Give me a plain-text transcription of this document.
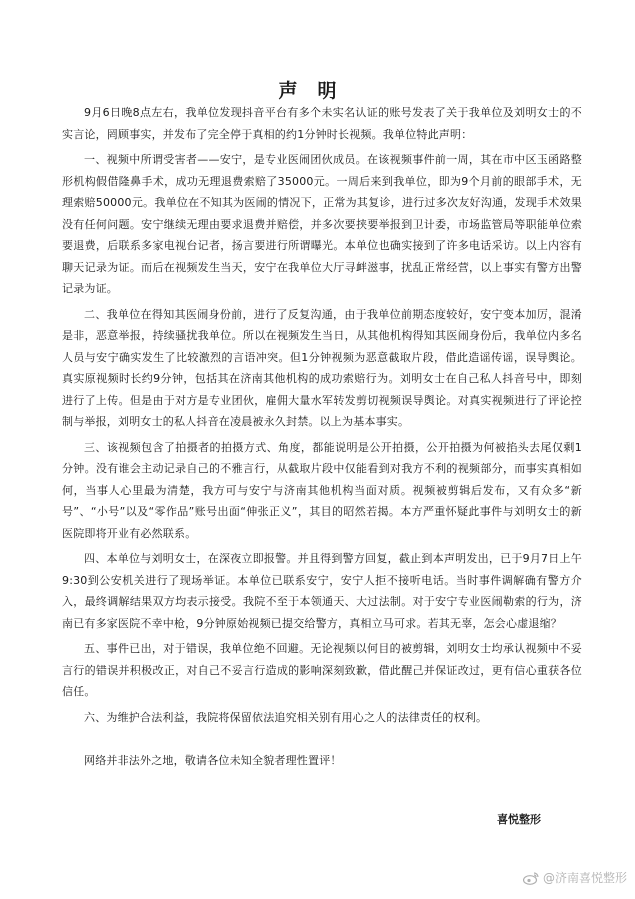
声明

9月6日晚8点左右，我单位发现抖音平台有多个未实名认证的账号发表了关于我单位及刘明女士的不实言论，罔顾事实，并发布了完全停于真相的约1分钟时长视频。我单位特此声明：

一、视频中所谓受害者——安宁，是专业医闹团伙成员。在该视频事件前一周，其在市中区玉函路整形机构假借隆鼻手术，成功无理退费索赔了35000元。一周后来到我单位，即为9个月前的眼部手术，无理索赔50000元。我单位在不知其为医闹的情况下，正常为其复诊，进行过多次友好沟通，发现手术效果没有任何问题。安宁继续无理由要求退费并赔偿，并多次要挟要举报到卫计委，市场监管局等职能单位索要退费，后联系多家电视台记者，扬言要进行所谓曝光。本单位也确实接到了许多电话采访。以上内容有聊天记录为证。而后在视频发生当天，安宁在我单位大厅寻衅滋事，扰乱正常经营，以上事实有警方出警记录为证。

二、我单位在得知其医闹身份前，进行了反复沟通，由于我单位前期态度较好，安宁变本加厉，混淆是非，恶意举报，持续骚扰我单位。所以在视频发生当日，从其他机构得知其医闹身份后，我单位内多名人员与安宁确实发生了比较激烈的言语冲突。但1分钟视频为恶意截取片段，借此造谣传谣，误导舆论。真实原视频时长约9分钟，包括其在济南其他机构的成功索赔行为。刘明女士在自己私人抖音号中，即刻进行了上传。但是由于对方是专业团伙，雇佣大量水军转发剪切视频误导舆论。对真实视频进行了评论控制与举报，刘明女士的私人抖音在凌晨被永久封禁。以上为基本事实。

三、该视频包含了拍摄者的拍摄方式、角度，都能说明是公开拍摄，公开拍摄为何被掐头去尾仅剩1分钟。没有谁会主动记录自己的不雅言行，从截取片段中仅能看到对我方不利的视频部分，而事实真相如何，当事人心里最为清楚，我方可与安宁与济南其他机构当面对质。视频被剪辑后发布，又有众多“新号”、“小号”以及“零作品”账号出面“伸张正义”，其目的昭然若揭。本方严重怀疑此事件与刘明女士的新医院即将开业有必然联系。

四、本单位与刘明女士，在深夜立即报警。并且得到警方回复，截止到本声明发出，已于9月7日上午9:30到公安机关进行了现场举证。本单位已联系安宁，安宁人拒不接听电话。当时事件调解确有警方介入，最终调解结果双方均表示接受。我院不至于本领通天、大过法制。对于安宁专业医闹勒索的行为，济南已有多家医院不幸中枪，9分钟原始视频已提交给警方，真相立马可求。若其无辜，怎会心虚退缩？

五、事件已出，对于错误，我单位绝不回避。无论视频以何目的被剪辑，刘明女士均承认视频中不妥言行的错误并积极改正，对自己不妥言行造成的影响深刻致歉，借此醒己并保证改过，更有信心重获各位信任。

六、为维护合法利益，我院将保留依法追究相关别有用心之人的法律责任的权利。

网络并非法外之地，敬请各位未知全貌者理性置评！

喜悦整形
@济南喜悦整形
